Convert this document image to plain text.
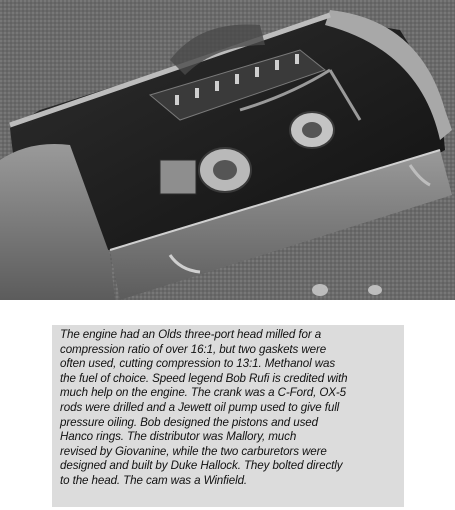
The engine had an Olds three-port head milled for a
compression ratio of over 16:1, but two gaskets were
often used, cutting compression to 13:1. Methanol was
the fuel of choice. Speed legend Bob Rufi is credited with
much help on the engine. The crank was a C-Ford, OX-5
rods were drilled and a Jewett oil pump used to give full
pressure oiling. Bob designed the pistons and used
Hanco rings. The distributor was Mallory, much
revised by Giovanine, while the two carburetors were
designed and built by Duke Hallock. They bolted directly
to the head. The cam was a Winfield.
